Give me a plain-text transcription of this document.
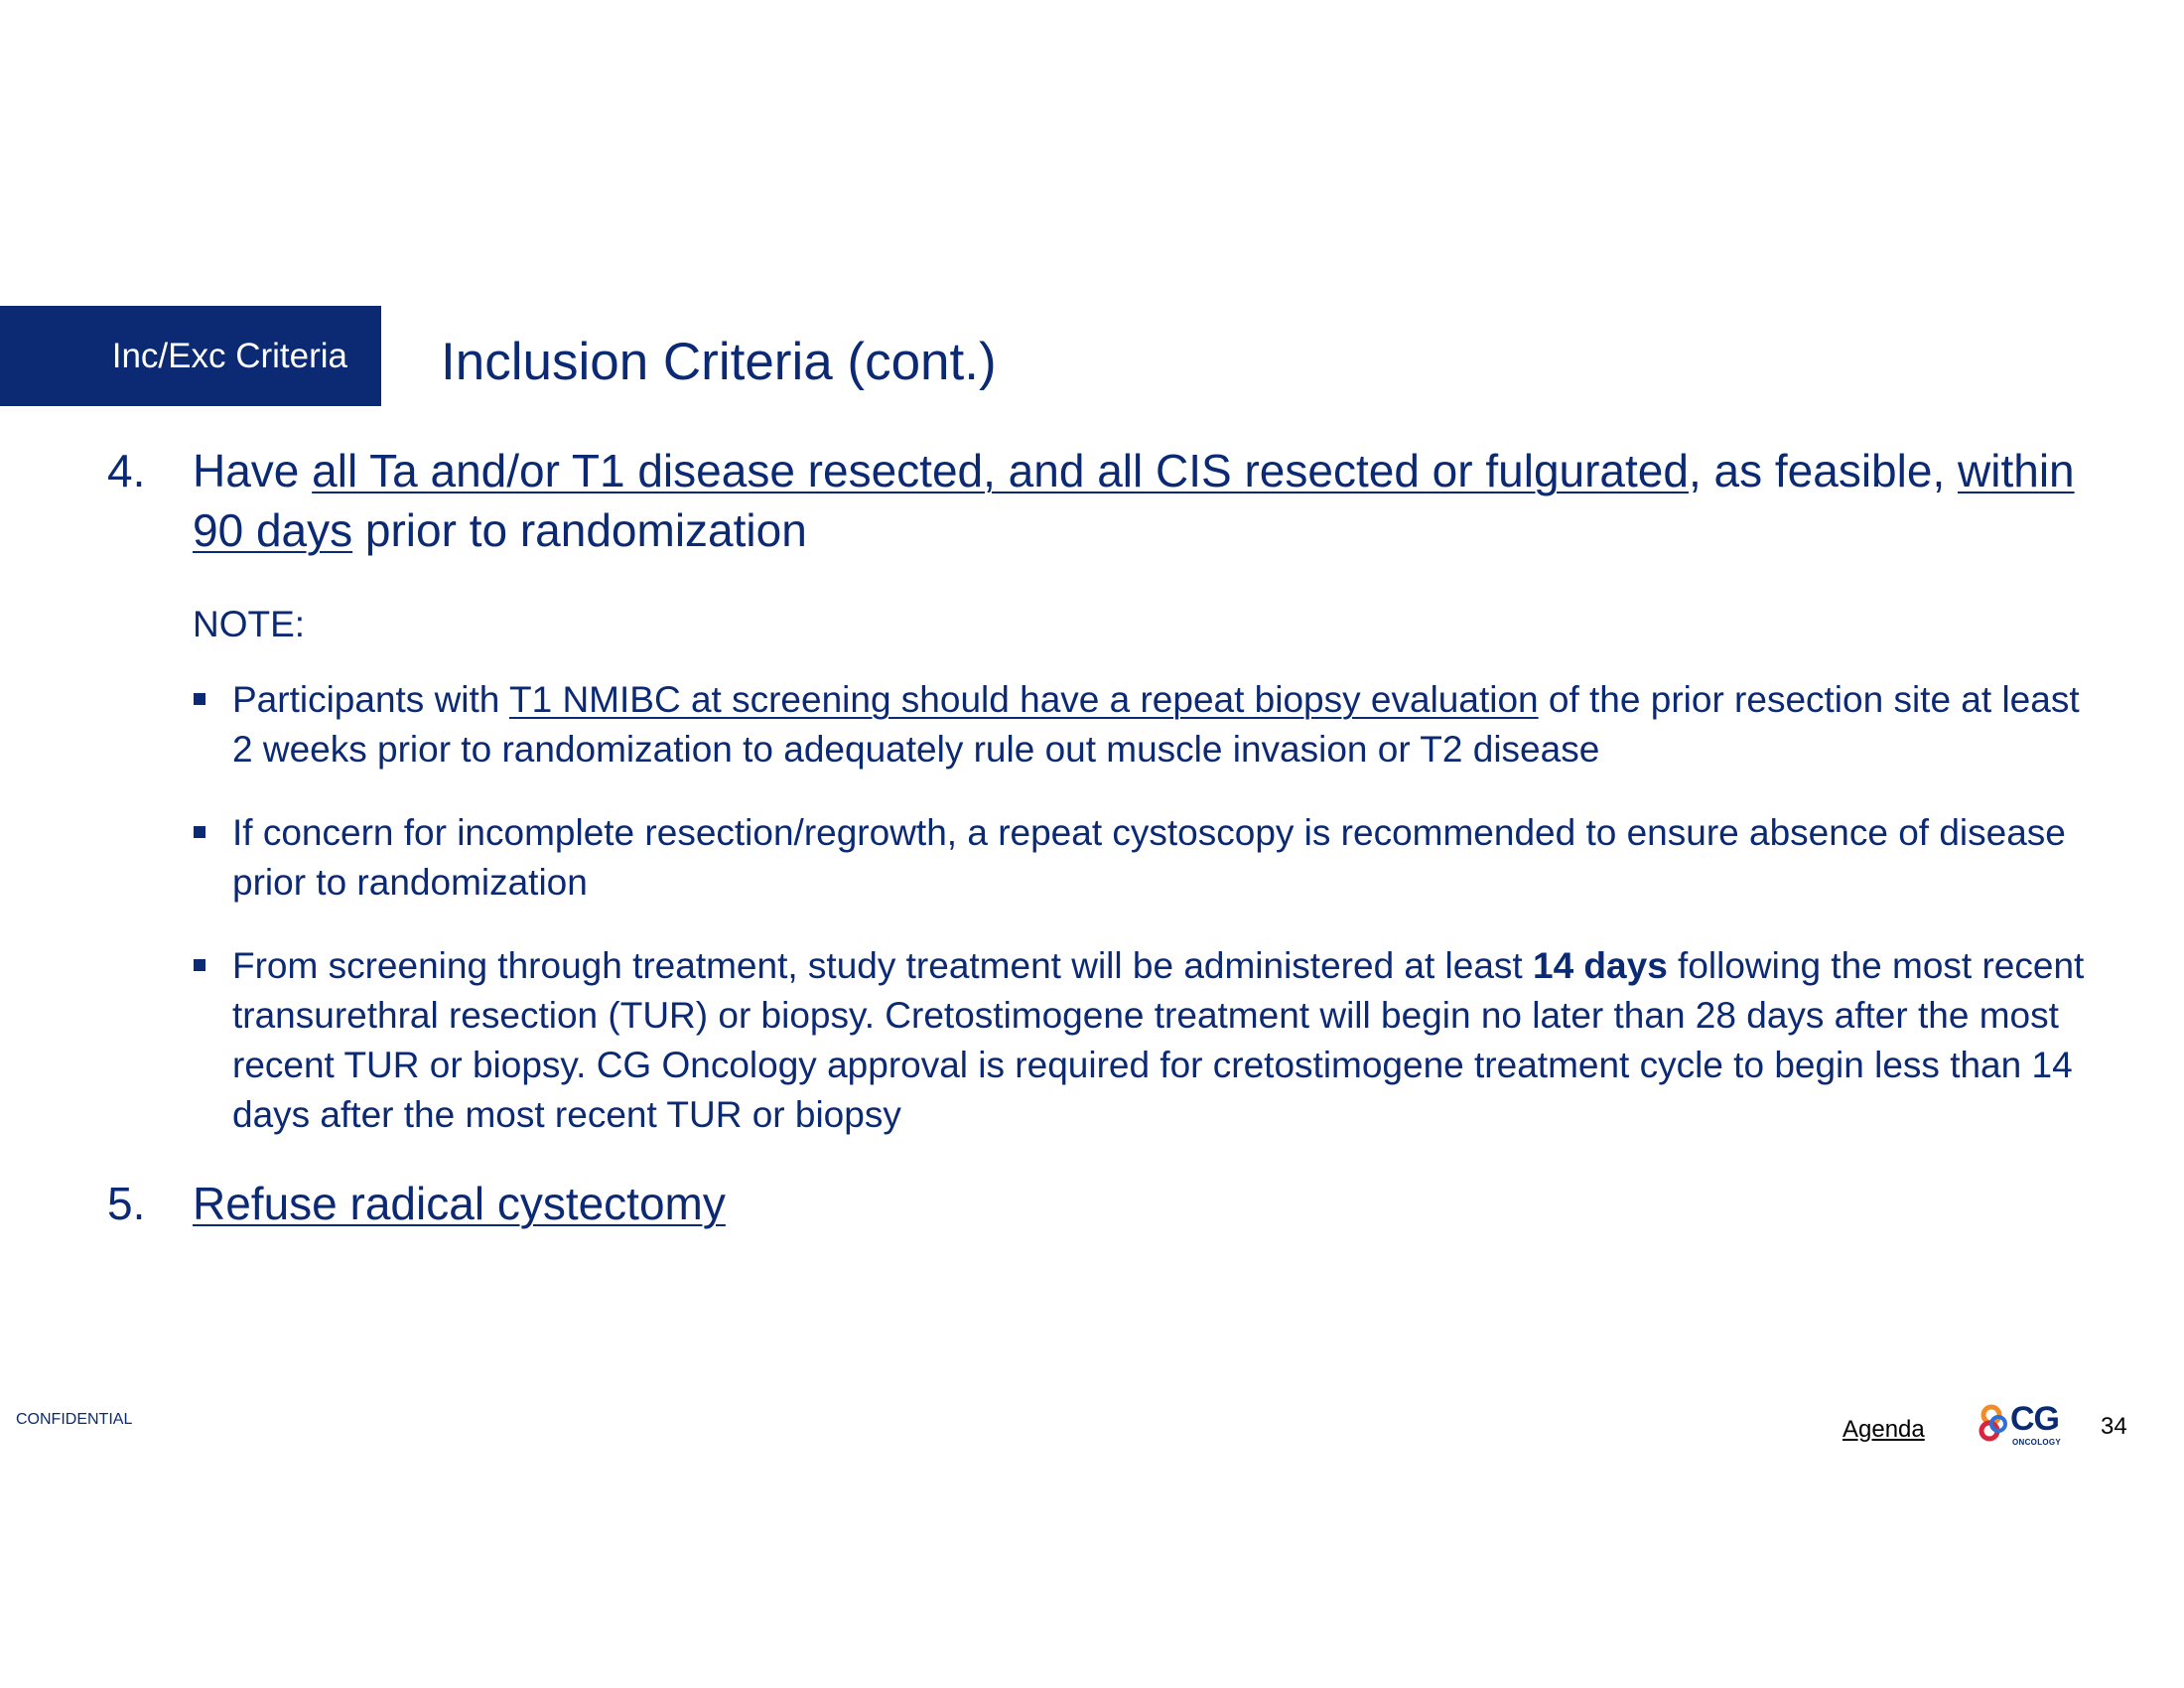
Inc/Exc Criteria Inclusion Criteria (cont.)
4.	Have all Ta and/or T1 disease resected, and all CIS resected or fulgurated, as feasible, within 90 days prior to randomization
NOTE:
Participants with T1 NMIBC at screening should have a repeat biopsy evaluation of the prior resection site at least 2 weeks prior to randomization to adequately rule out muscle invasion or T2 disease
If concern for incomplete resection/regrowth, a repeat cystoscopy is recommended to ensure absence of disease prior to randomization
From screening through treatment, study treatment will be administered at least 14 days following the most recent transurethral resection (TUR) or biopsy. Cretostimogene treatment will begin no later than 28 days after the most recent TUR or biopsy. CG Oncology approval is required for cretostimogene treatment cycle to begin less than 14 days after the most recent TUR or biopsy
5.	Refuse radical cystectomy
CONFIDENTIAL	Agenda	CG
ONCOLOGY
34
